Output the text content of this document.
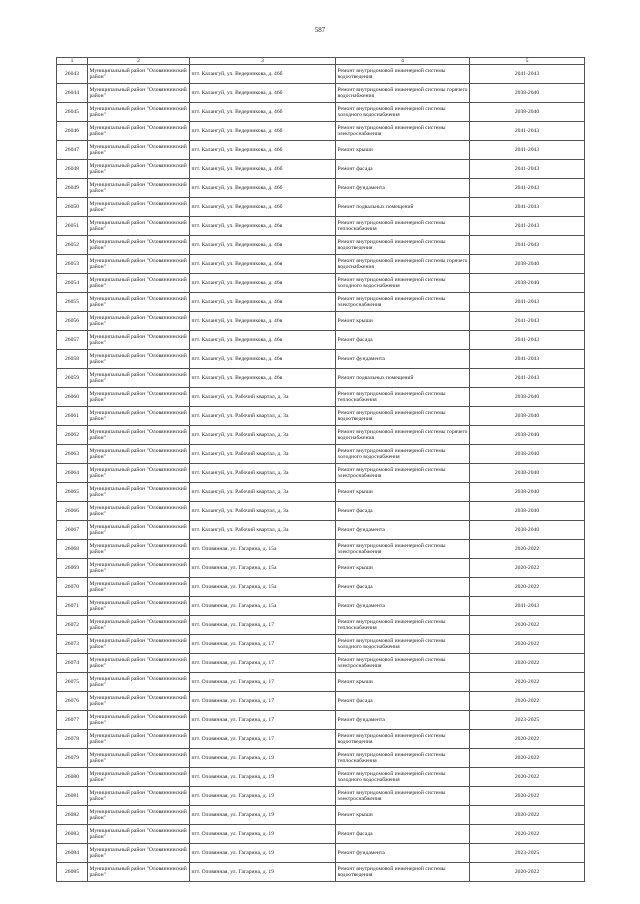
587
1	2	3	4	5
26043	Муниципальный район "Оловяннинский район"	пгт. Калангуй, ул. Ведерникова, д. 46б	Ремонт внутридомовой инженерной системы водоотведения	2041-2043
26044	Муниципальный район "Оловяннинский район"	пгт. Калангуй, ул. Ведерникова, д. 46б	Ремонт внутридомовой инженерной системы горячего водоснабжения	2038-2040
26045	Муниципальный район "Оловяннинский район"	пгт. Калангуй, ул. Ведерникова, д. 46б	Ремонт внутридомовой инженерной системы холодного водоснабжения	2038-2040
26046	Муниципальный район "Оловяннинский район"	пгт. Калангуй, ул. Ведерникова, д. 46б	Ремонт внутридомовой инженерной системы электроснабжения	2041-2043
26047	Муниципальный район "Оловяннинский район"	пгт. Калангуй, ул. Ведерникова, д. 46б	Ремонт крыши	2041-2043
26048	Муниципальный район "Оловяннинский район"	пгт. Калангуй, ул. Ведерникова, д. 46б	Ремонт фасада	2041-2043
26049	Муниципальный район "Оловяннинский район"	пгт. Калангуй, ул. Ведерникова, д. 46б	Ремонт фундамента	2041-2043
26050	Муниципальный район "Оловяннинский район"	пгт. Калангуй, ул. Ведерникова, д. 46б	Ремонт подвальных помещений	2041-2043
26051	Муниципальный район "Оловяннинский район"	пгт. Калангуй, ул. Ведерникова, д. 46в	Ремонт внутридомовой инженерной системы теплоснабжения	2041-2043
26052	Муниципальный район "Оловяннинский район"	пгт. Калангуй, ул. Ведерникова, д. 46в	Ремонт внутридомовой инженерной системы водоотведения	2041-2043
26053	Муниципальный район "Оловяннинский район"	пгт. Калангуй, ул. Ведерникова, д. 46в	Ремонт внутридомовой инженерной системы горячего водоснабжения	2038-2040
26054	Муниципальный район "Оловяннинский район"	пгт. Калангуй, ул. Ведерникова, д. 46в	Ремонт внутридомовой инженерной системы холодного водоснабжения	2038-2040
26055	Муниципальный район "Оловяннинский район"	пгт. Калангуй, ул. Ведерникова, д. 46в	Ремонт внутридомовой инженерной системы электроснабжения	2041-2043
26056	Муниципальный район "Оловяннинский район"	пгт. Калангуй, ул. Ведерникова, д. 46в	Ремонт крыши	2041-2043
26057	Муниципальный район "Оловяннинский район"	пгт. Калангуй, ул. Ведерникова, д. 46в	Ремонт фасада	2041-2043
26058	Муниципальный район "Оловяннинский район"	пгт. Калангуй, ул. Ведерникова, д. 46в	Ремонт фундамента	2041-2043
26059	Муниципальный район "Оловяннинский район"	пгт. Калангуй, ул. Ведерникова, д. 46в	Ремонт подвальных помещений	2041-2043
26060	Муниципальный район "Оловяннинский район"	пгт. Калангуй, ул. Рабочий квартал, д. 3а	Ремонт внутридомовой инженерной системы теплоснабжения	2038-2040
26061	Муниципальный район "Оловяннинский район"	пгт. Калангуй, ул. Рабочий квартал, д. 3а	Ремонт внутридомовой инженерной системы водоотведения	2038-2040
26062	Муниципальный район "Оловяннинский район"	пгт. Калангуй, ул. Рабочий квартал, д. 3а	Ремонт внутридомовой инженерной системы горячего водоснабжения	2038-2040
26063	Муниципальный район "Оловяннинский район"	пгт. Калангуй, ул. Рабочий квартал, д. 3а	Ремонт внутридомовой инженерной системы холодного водоснабжения	2038-2040
26064	Муниципальный район "Оловяннинский район"	пгт. Калангуй, ул. Рабочий квартал, д. 3а	Ремонт внутридомовой инженерной системы электроснабжения	2038-2040
26065	Муниципальный район "Оловяннинский район"	пгт. Калангуй, ул. Рабочий квартал, д. 3а	Ремонт крыши	2038-2040
26066	Муниципальный район "Оловяннинский район"	пгт. Калангуй, ул. Рабочий квартал, д. 3а	Ремонт фасада	2038-2040
26067	Муниципальный район "Оловяннинский район"	пгт. Калангуй, ул. Рабочий квартал, д. 3а	Ремонт фундамента	2038-2040
26068	Муниципальный район "Оловяннинский район"	пгт. Оловянная, ул. Гагарина, д. 15а	Ремонт внутридомовой инженерной системы электроснабжения	2020-2022
26069	Муниципальный район "Оловяннинский район"	пгт. Оловянная, ул. Гагарина, д. 15а	Ремонт крыши	2020-2022
26070	Муниципальный район "Оловяннинский район"	пгт. Оловянная, ул. Гагарина, д. 15а	Ремонт фасада	2020-2022
26071	Муниципальный район "Оловяннинский район"	пгт. Оловянная, ул. Гагарина, д. 15а	Ремонт фундамента	2041-2043
26072	Муниципальный район "Оловяннинский район"	пгт. Оловянная, ул. Гагарина, д. 17	Ремонт внутридомовой инженерной системы теплоснабжения	2020-2022
26073	Муниципальный район "Оловяннинский район"	пгт. Оловянная, ул. Гагарина, д. 17	Ремонт внутридомовой инженерной системы холодного водоснабжения	2020-2022
26074	Муниципальный район "Оловяннинский район"	пгт. Оловянная, ул. Гагарина, д. 17	Ремонт внутридомовой инженерной системы электроснабжения	2020-2022
26075	Муниципальный район "Оловяннинский район"	пгт. Оловянная, ул. Гагарина, д. 17	Ремонт крыши	2020-2022
26076	Муниципальный район "Оловяннинский район"	пгт. Оловянная, ул. Гагарина, д. 17	Ремонт фасада	2020-2022
26077	Муниципальный район "Оловяннинский район"	пгт. Оловянная, ул. Гагарина, д. 17	Ремонт фундамента	2023-2025
26078	Муниципальный район "Оловяннинский район"	пгт. Оловянная, ул. Гагарина, д. 17	Ремонт внутридомовой инженерной системы водоотведения	2020-2022
26079	Муниципальный район "Оловяннинский район"	пгт. Оловянная, ул. Гагарина, д. 19	Ремонт внутридомовой инженерной системы теплоснабжения	2020-2022
26080	Муниципальный район "Оловяннинский район"	пгт. Оловянная, ул. Гагарина, д. 19	Ремонт внутридомовой инженерной системы холодного водоснабжения	2020-2022
26081	Муниципальный район "Оловяннинский район"	пгт. Оловянная, ул. Гагарина, д. 19	Ремонт внутридомовой инженерной системы электроснабжения	2020-2022
26082	Муниципальный район "Оловяннинский район"	пгт. Оловянная, ул. Гагарина, д. 19	Ремонт крыши	2020-2022
26083	Муниципальный район "Оловяннинский район"	пгт. Оловянная, ул. Гагарина, д. 19	Ремонт фасада	2020-2022
26084	Муниципальный район "Оловяннинский район"	пгт. Оловянная, ул. Гагарина, д. 19	Ремонт фундамента	2023-2025
26085	Муниципальный район "Оловяннинский район"	пгт. Оловянная, ул. Гагарина, д. 19	Ремонт внутридомовой инженерной системы водоотведения	2020-2022
